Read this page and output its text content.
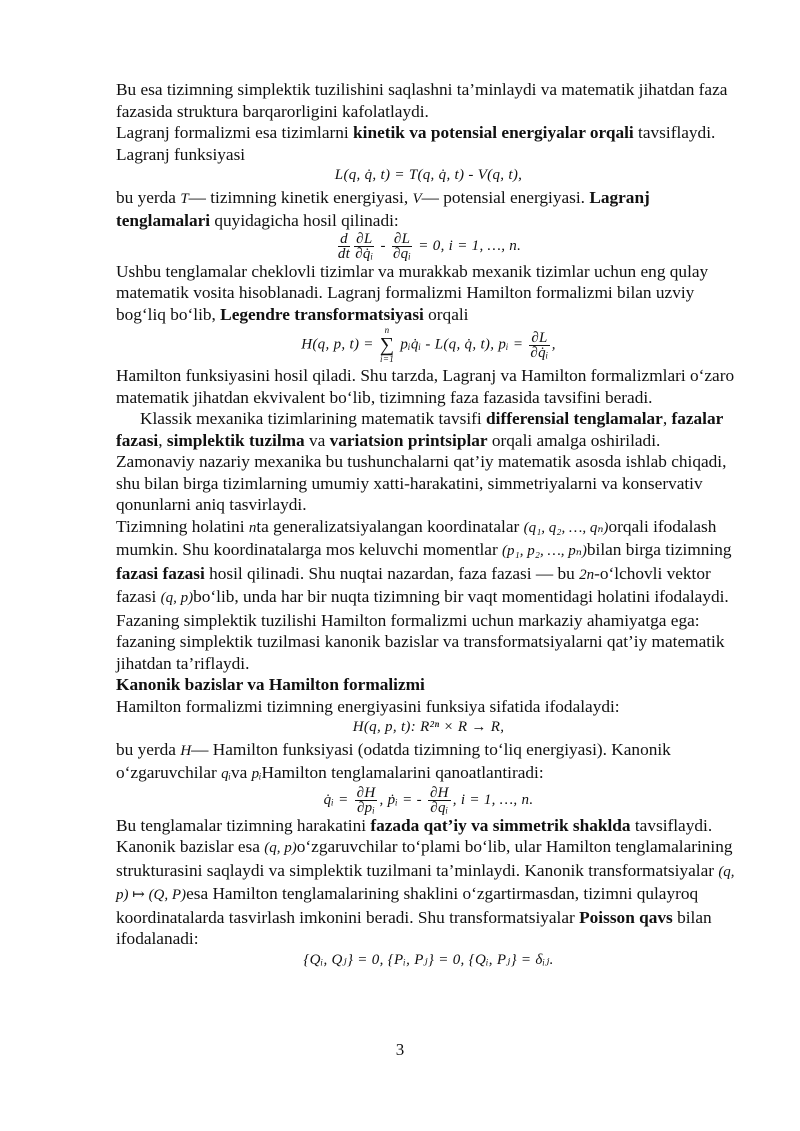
Bu esa tizimning simplektik tuzilishini saqlashni ta’minlaydi va matematik jihatdan faza fazasida struktura barqarorligini kafolatlaydi.

Lagranj formalizmi esa tizimlarni kinetik va potensial energiyalar orqali tavsiflaydi. Lagranj funksiyasi

L(q, q̇, t) = T(q, q̇, t) - V(q, t),

bu yerda T— tizimning kinetik energiyasi, V— potensial energiyasi. Lagranj tenglamalari quyidagicha hosil qilinadi:

$\frac{d}{dt} \frac{\partial L}{\text{∂q̇ᵢ}} - \frac{\partial L}{\text{∂qᵢ}} = 0$, i = 1, …, n.

Ushbu tenglamalar cheklovli tizimlar va murakkab mexanik tizimlar uchun eng qulay matematik vosita hisoblanadi. Lagranj formalizmi Hamilton formalizmi bilan uzviy bog‘liq bo‘lib, Legendre transformatsiyasi orqali

H(q, p, t) =
n
∑
i=1
pᵢq̇ᵢ - L(q, q̇, t), pᵢ = $\frac{\partial L}{\text{∂q̇ᵢ}}$ ,

Hamilton funksiyasini hosil qiladi. Shu tarzda, Lagranj va Hamilton formalizmlari o‘zaro matematik jihatdan ekvivalent bo‘lib, tizimning faza fazasida tavsifini beradi.

Klassik mexanika tizimlarining matematik tavsifi differensial tenglamalar, fazalar fazasi, simplektik tuzilma va variatsion printsiplar orqali amalga oshiriladi. Zamonaviy nazariy mexanika bu tushunchalarni qat’iy matematik asosda ishlab chiqadi, shu bilan birga tizimlarning umumiy xatti-harakatini, simmetriyalarni va konservativ qonunlarni aniq tasvirlaydi.

Tizimning holatini nta generalizatsiyalangan koordinatalar (q₁, q₂, …, qₙ)orqali ifodalash mumkin. Shu koordinatalarga mos keluvchi momentlar (p₁, p₂, …, pₙ)bilan birga tizimning fazasi fazasi hosil qilinadi. Shu nuqtai nazardan, faza fazasi — bu 2n-o‘lchovli vektor fazasi (q, p)bo‘lib, unda har bir nuqta tizimning bir vaqt momentidagi holatini ifodalaydi. Fazaning simplektik tuzilishi Hamilton formalizmi uchun markaziy ahamiyatga ega: fazaning simplektik tuzilmasi kanonik bazislar va transformatsiyalarni qat’iy matematik jihatdan ta’riflaydi.

Kanonik bazislar va Hamilton formalizmi

Hamilton formalizmi tizimning energiyasini funksiya sifatida ifodalaydi:

H(q, p, t): R²ⁿ × R → R,

bu yerda H— Hamilton funksiyasi (odatda tizimning to‘liq energiyasi). Kanonik o‘zgaruvchilar qᵢva pᵢHamilton tenglamalarini qanoatlantiradi:

q̇ᵢ = $\frac{\partial H}{\text{∂pᵢ}}$ , ṗᵢ = - $\frac{\partial H}{\text{∂qᵢ}}$ , i = 1, …, n.

Bu tenglamalar tizimning harakatini fazada qat’iy va simmetrik shaklda tavsiflaydi. Kanonik bazislar esa (q, p)o‘zgaruvchilar to‘plami bo‘lib, ular Hamilton tenglamalarining strukturasini saqlaydi va simplektik tuzilmani ta’minlaydi. Kanonik transformatsiyalar (q, p) ↦ (Q, P)esa Hamilton tenglamalarining shaklini o‘zgartirmasdan, tizimni qulayroq koordinatalarda tasvirlash imkonini beradi. Shu transformatsiyalar Poisson qavs bilan ifodalanadi:

{Qᵢ, Qⱼ} = 0, {Pᵢ, Pⱼ} = 0, {Qᵢ, Pⱼ} = δᵢⱼ.

3
